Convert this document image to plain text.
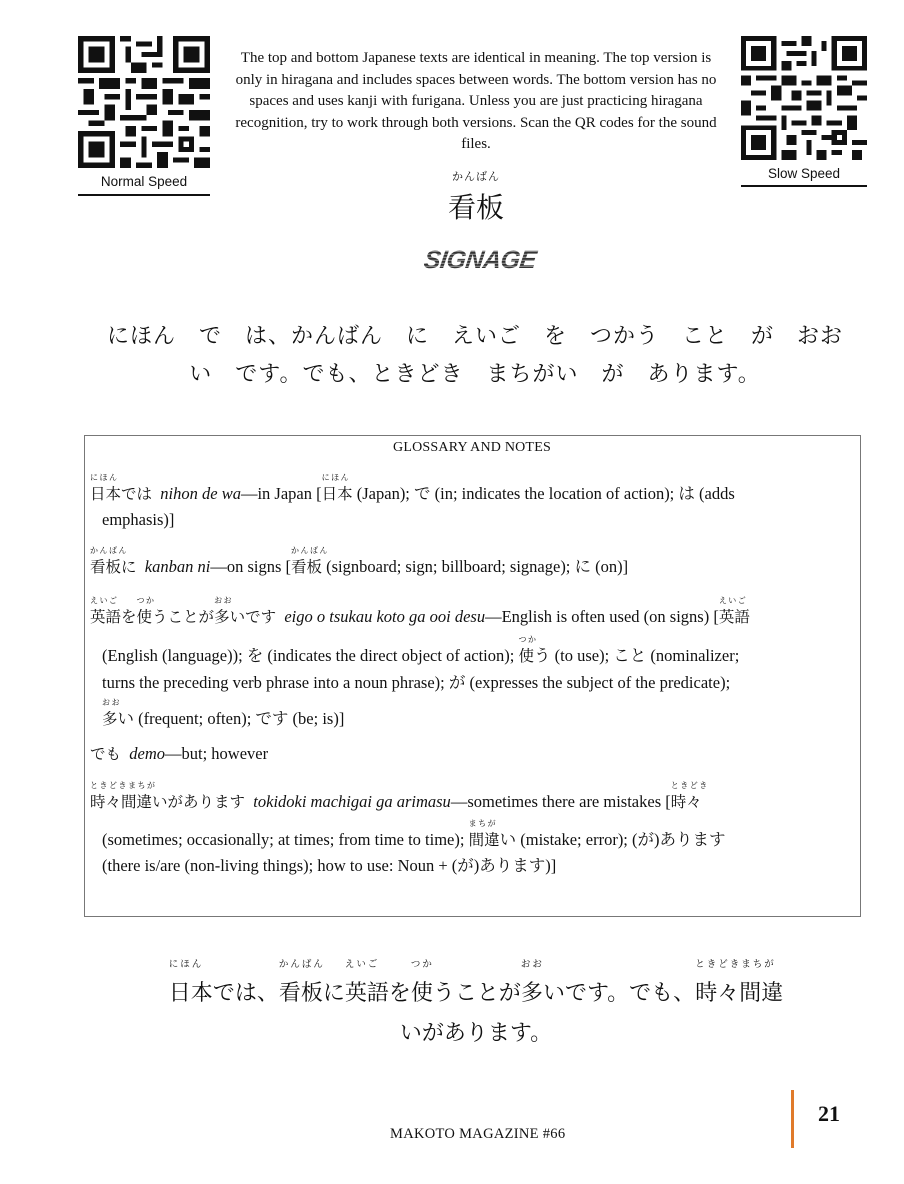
Normal Speed
Slow Speed
The top and bottom Japanese texts are identical in meaning. The top version is
only in hiragana and includes spaces between words. The bottom version has no
spaces and uses kanji with furigana. Unless you are just practicing hiragana
recognition, try to work through both versions. Scan the QR codes for the sound
files.
かんばん
看板
SIGNAGE
にほん　で　は、かんばん　に　えいご　を　つかう　こと　が　おお
い　です。でも、ときどき　まちがい　が　あります。
GLOSSARY AND NOTES
にほん
日本では nihon de wa—in Japan [
にほん
日本 (Japan); で (in; indicates the location of action); は (adds
emphasis)]
かんばん
看板に kanban ni—on signs [
かんばん
看板 (signboard; sign; billboard; signage); に (on)]
えいご
英語を
つか
使うことが
おお
多いです eigo o tsukau koto ga ooi desu—English is often used (on signs) [
えいご
英語
(English (language)); を (indicates the direct object of action);
つか
使う (to use); こと (nominalizer;
turns the preceding verb phrase into a noun phrase); が (expresses the subject of the predicate);
おお
多い (frequent; often); です (be; is)]
でも demo—but; however
ときどきまちが
時々間違いがあります tokidoki machigai ga arimasu—sometimes there are mistakes [
ときどき
時々
(sometimes; occasionally; at times; from time to time);
まちが
間違い (mistake; error); (が)あります
(there is/are (non-living things); how to use: Noun + (が)あります)]
にほん
日本では、
かんばん
看板に
えいご
英語を
つか
使うことが
おお
多いです。でも、
ときどきまちが
時々間違
いがあります。
MAKOTO MAGAZINE #66
21
